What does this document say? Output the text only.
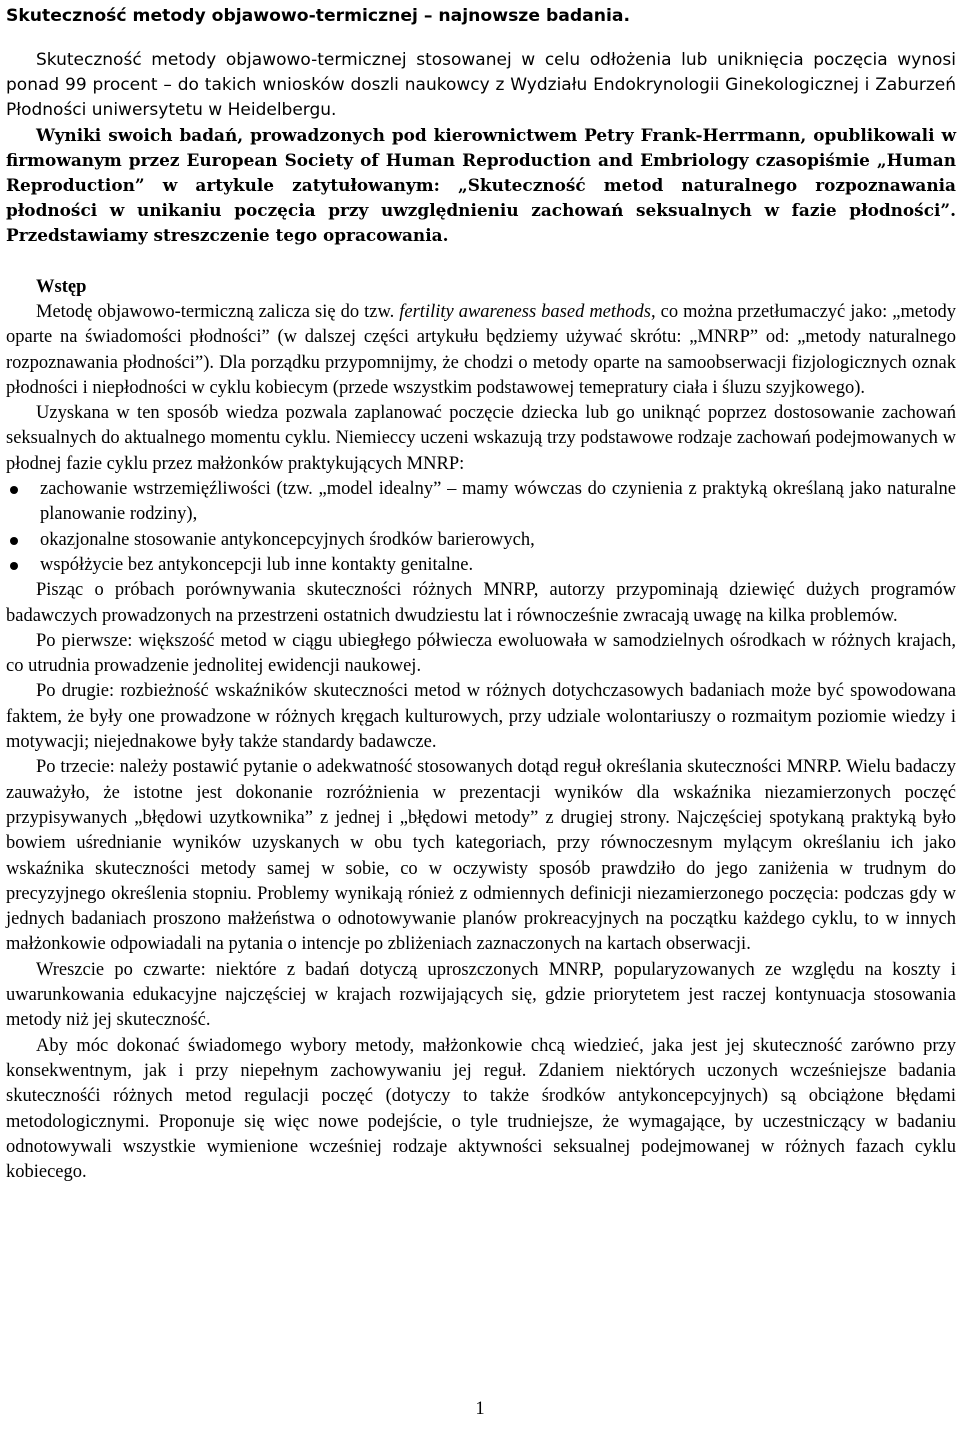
Skuteczność metody objawowo-termicznej – najnowsze badania.

Skuteczność metody objawowo-termicznej stosowanej w celu odłożenia lub uniknięcia poczęcia wynosi ponad 99 procent – do takich wniosków doszli naukowcy z Wydziału Endokrynologii Ginekologicznej i Zaburzeń Płodności uniwersytetu w Heidelbergu.

Wyniki swoich badań, prowadzonych pod kierownictwem Petry Frank-Herrmann, opublikowali w firmowanym przez European Society of Human Reproduction and Embriology czasopiśmie „Human Reproduction” w artykule zatytułowanym: „Skuteczność metod naturalnego rozpoznawania płodności w unikaniu poczęcia przy uwzględnieniu zachowań seksualnych w fazie płodności”. Przedstawiamy streszczenie tego opracowania.

Wstęp

Metodę objawowo-termiczną zalicza się do tzw. fertility awareness based methods, co można przetłumaczyć jako: „metody oparte na świadomości płodności” (w dalszej części artykułu będziemy używać skrótu: „MNRP” od: „metody naturalnego rozpoznawania płodności”). Dla porządku przypomnijmy, że chodzi o metody oparte na samoobserwacji fizjologicznych oznak płodności i niepłodności w cyklu kobiecym (przede wszystkim podstawowej temepratury ciała i śluzu szyjkowego).

Uzyskana w ten sposób wiedza pozwala zaplanować poczęcie dziecka lub go uniknąć poprzez dostosowanie zachowań seksualnych do aktualnego momentu cyklu. Niemieccy uczeni wskazują trzy podstawowe rodzaje zachowań podejmowanych w płodnej fazie cyklu przez małżonków praktykujących MNRP:

zachowanie wstrzemięźliwości (tzw. „model idealny” – mamy wówczas do czynienia z praktyką określaną jako naturalne planowanie rodziny),
okazjonalne stosowanie antykoncepcyjnych środków barierowych,
współżycie bez antykoncepcji lub inne kontakty genitalne.

Pisząc o próbach porównywania skuteczności różnych MNRP, autorzy przypominają dziewięć dużych programów badawczych prowadzonych na przestrzeni ostatnich dwudziestu lat i równocześnie zwracają uwagę na kilka problemów.

Po pierwsze: większość metod w ciągu ubiegłego półwiecza ewoluowała w samodzielnych ośrodkach w różnych krajach, co utrudnia prowadzenie jednolitej ewidencji naukowej.

Po drugie: rozbieżność wskaźników skuteczności metod w różnych dotychczasowych badaniach może być spowodowana faktem, że były one prowadzone w różnych kręgach kulturowych, przy udziale wolontariuszy o rozmaitym poziomie wiedzy i motywacji; niejednakowe były także standardy badawcze.

Po trzecie: należy postawić pytanie o adekwatność stosowanych dotąd reguł określania skuteczności MNRP. Wielu badaczy zauważyło, że istotne jest dokonanie rozróżnienia w prezentacji wyników dla wskaźnika niezamierzonych poczęć przypisywanych „błędowi uzytkownika” z jednej i „błędowi metody” z drugiej strony. Najczęściej spotykaną praktyką było bowiem uśrednianie wyników uzyskanych w obu tych kategoriach, przy równoczesnym mylącym określaniu ich jako wskaźnika skuteczności metody samej w sobie, co w oczywisty sposób prawdziło do jego zaniżenia w trudnym do precyzyjnego określenia stopniu. Problemy wynikają rónież z odmiennych definicji niezamierzonego poczęcia: podczas gdy w jednych badaniach proszono małżeństwa o odnotowywanie planów prokreacyjnych na początku każdego cyklu, to w innych małżonkowie odpowiadali na pytania o intencje po zbliżeniach zaznaczonych na kartach obserwacji.

Wreszcie po czwarte: niektóre z badań dotyczą uproszczonych MNRP, popularyzowanych ze względu na koszty i uwarunkowania edukacyjne najczęściej w krajach rozwijających się, gdzie priorytetem jest raczej kontynuacja stosowania metody niż jej skuteczność.

Aby móc dokonać świadomego wybory metody, małżonkowie chcą wiedzieć, jaka jest jej skuteczność zarówno przy konsekwentnym, jak i przy niepełnym zachowywaniu jej reguł. Zdaniem niektórych uczonych wcześniejsze badania skutecznośći różnych metod regulacji poczęć (dotyczy to także środków antykoncepcyjnych) są obciążone błędami metodologicznymi. Proponuje się więc nowe podejście, o tyle trudniejsze, że wymagające, by uczestniczący w badaniu odnotowywali wszystkie wymienione wcześniej rodzaje aktywności seksualnej podejmowanej w różnych fazach cyklu kobiecego.

1
